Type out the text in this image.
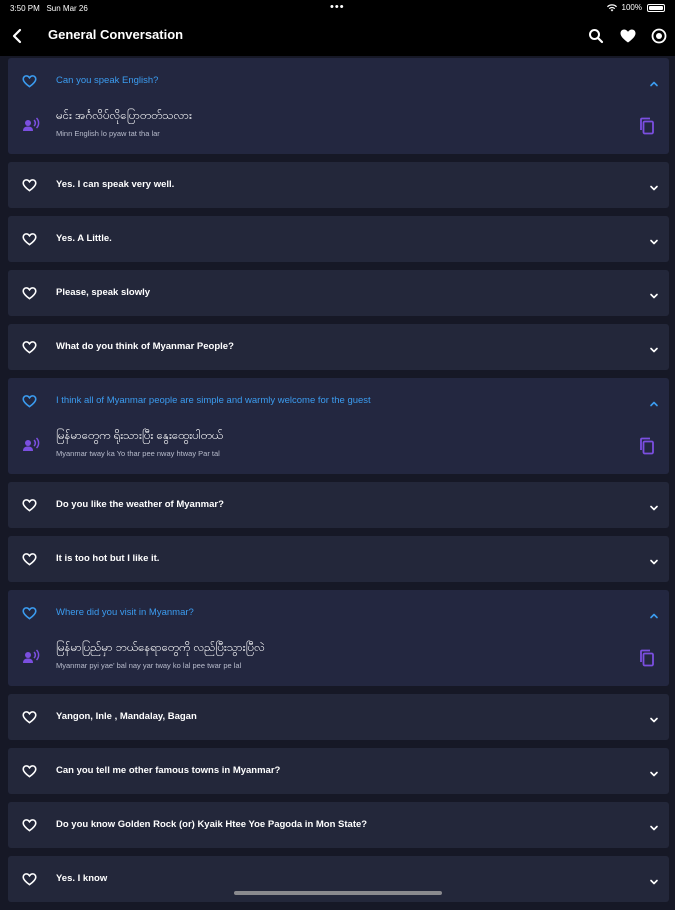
3:50 PM Sun Mar 26	•••	100%
General Conversation
Can you speak English?
မင်း အင်္ဂလိပ်လိုပြောတတ်သလား
Minn English lo pyaw tat tha lar
Yes. I can speak very well.
Yes. A Little.
Please, speak slowly
What do you think of Myanmar People?
I think all of Myanmar people are simple and warmly welcome for the guest
မြန်မာတွေက ရိုးသားပြီး နွေးထွေးပါတယ်
Myanmar tway ka Yo thar pee nway htway Par tal
Do you like the weather of Myanmar?
It is too hot but I like it.
Where did you visit in Myanmar?
မြန်မာပြည်မှာ ဘယ်နေရာတွေကို လည်ပြီးသွားပြီလဲ
Myanmar pyi yae' bal nay yar tway ko lal pee twar pe lal
Yangon, Inle , Mandalay, Bagan
Can you tell me other famous towns in Myanmar?
Do you know Golden Rock (or) Kyaik Htee Yoe Pagoda in Mon State?
Yes. I know
